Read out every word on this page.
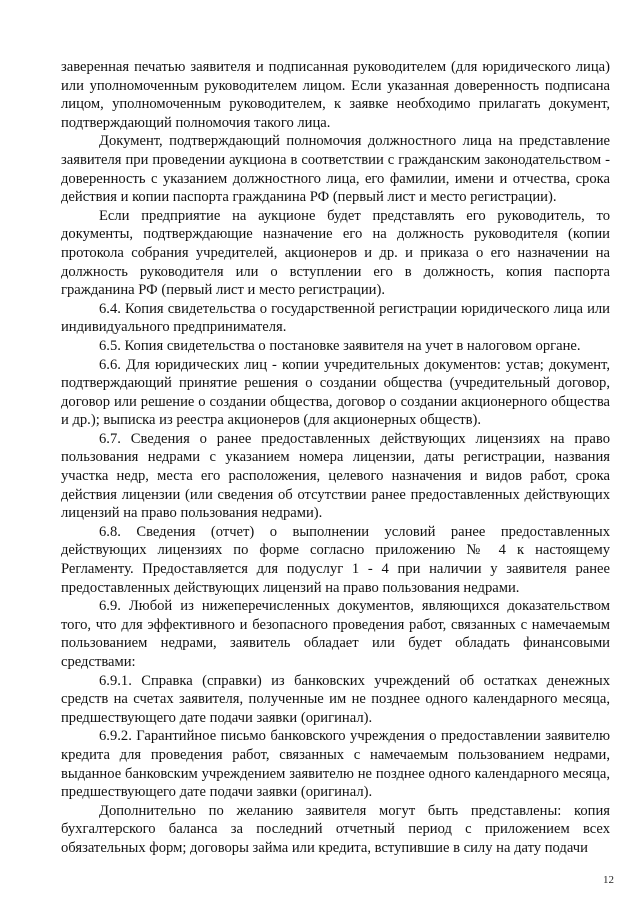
заверенная печатью заявителя и подписанная руководителем (для юридического лица) или уполномоченным руководителем лицом. Если указанная доверенность подписана лицом, уполномоченным руководителем, к заявке необходимо прилагать документ, подтверждающий полномочия такого лица.

Документ, подтверждающий полномочия должностного лица на представление заявителя при проведении аукциона в соответствии с гражданским законодательством - доверенность с указанием должностного лица, его фамилии, имени и отчества, срока действия и копии паспорта гражданина РФ (первый лист и место регистрации).

Если предприятие на аукционе будет представлять его руководитель, то документы, подтверждающие назначение его на должность руководителя (копии протокола собрания учредителей, акционеров и др. и приказа о его назначении на должность руководителя или о вступлении его в должность, копия паспорта гражданина РФ (первый лист и место регистрации).

6.4. Копия свидетельства о государственной регистрации юридического лица или индивидуального предпринимателя.

6.5. Копия свидетельства о постановке заявителя на учет в налоговом органе.

6.6. Для юридических лиц - копии учредительных документов: устав; документ, подтверждающий принятие решения о создании общества (учредительный договор, договор или решение о создании общества, договор о создании акционерного общества и др.); выписка из реестра акционеров (для акционерных обществ).

6.7. Сведения о ранее предоставленных действующих лицензиях на право пользования недрами с указанием номера лицензии, даты регистрации, названия участка недр, места его расположения, целевого назначения и видов работ, срока действия лицензии (или сведения об отсутствии ранее предоставленных действующих лицензий на право пользования недрами).

6.8. Сведения (отчет) о выполнении условий ранее предоставленных действующих лицензиях по форме согласно приложению № 4 к настоящему Регламенту. Предоставляется для подуслуг 1 - 4 при наличии у заявителя ранее предоставленных действующих лицензий на право пользования недрами.

6.9. Любой из нижеперечисленных документов, являющихся доказательством того, что для эффективного и безопасного проведения работ, связанных с намечаемым пользованием недрами, заявитель обладает или будет обладать финансовыми средствами:

6.9.1. Справка (справки) из банковских учреждений об остатках денежных средств на счетах заявителя, полученные им не позднее одного календарного месяца, предшествующего дате подачи заявки (оригинал).

6.9.2. Гарантийное письмо банковского учреждения о предоставлении заявителю кредита для проведения работ, связанных с намечаемым пользованием недрами, выданное банковским учреждением заявителю не позднее одного календарного месяца, предшествующего дате подачи заявки (оригинал).

Дополнительно по желанию заявителя могут быть представлены: копия бухгалтерского баланса за последний отчетный период с приложением всех обязательных форм; договоры займа или кредита, вступившие в силу на дату подачи

12
